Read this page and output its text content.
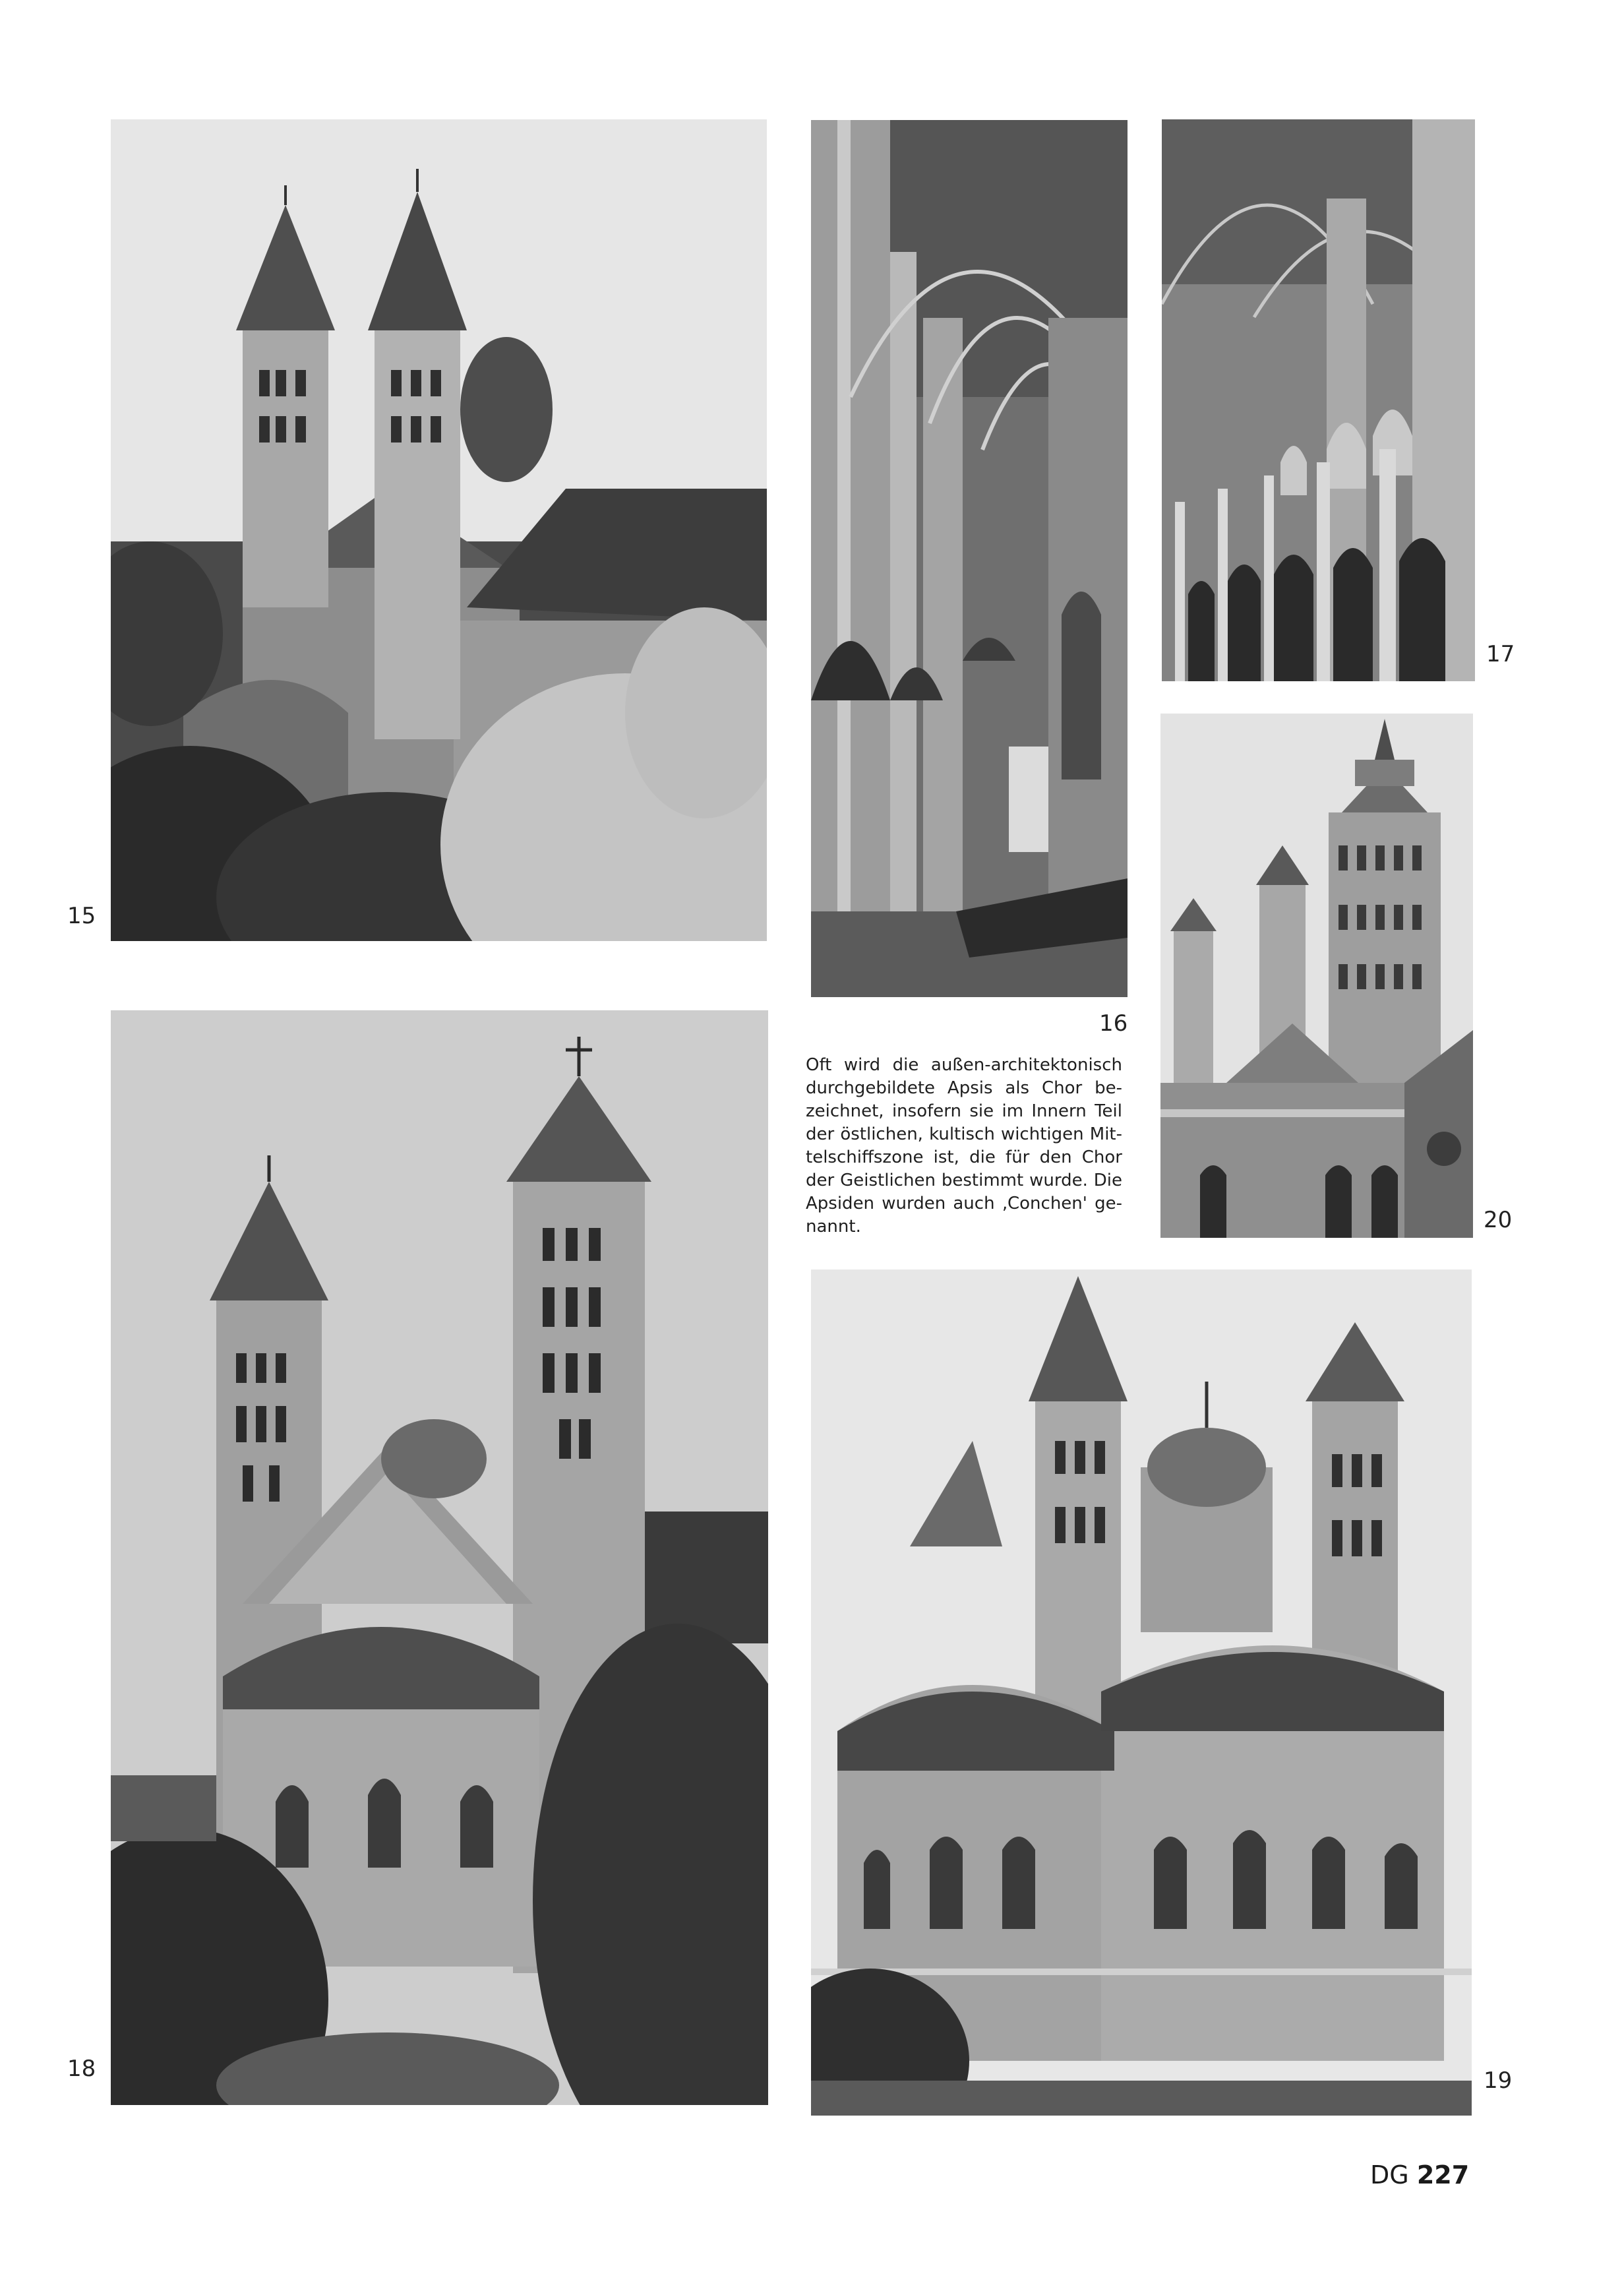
15
16
17
20
Oft wird die außen-architektonisch
durchgebildete Apsis als Chor be-
zeichnet, insofern sie im Innern Teil
der östlichen, kultisch wichtigen Mit-
telschiffszone ist, die für den Chor
der Geistlichen bestimmt wurde. Die
Apsiden wurden auch ‚Conchen' ge-
nannt.
18	19
DG 227
